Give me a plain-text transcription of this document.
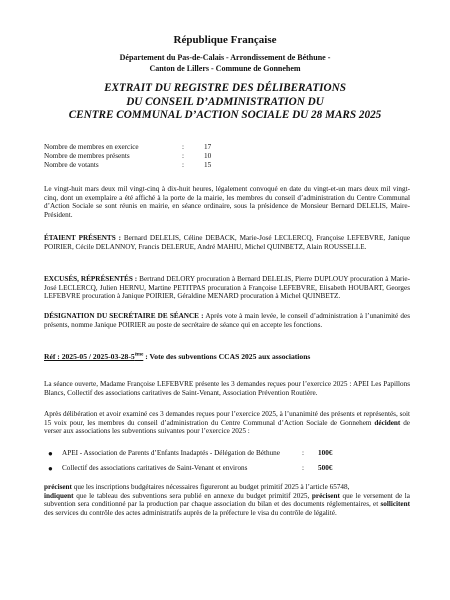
République Française
Département du Pas-de-Calais - Arrondissement de Béthune -
Canton de Lillers - Commune de Gonnehem
EXTRAIT DU REGISTRE DES DÉLIBERATIONS
DU CONSEIL D’ADMINISTRATION DU
CENTRE COMMUNAL D’ACTION SOCIALE DU 28 MARS 2025
Nombre de membres en exercice	:	17
Nombre de membres présents	:	10
Nombre de votants	:	15

Le vingt-huit mars deux mil vingt-cinq à dix-huit heures, légalement convoqué en date du vingt-et-un mars deux mil vingt-cinq, dont un exemplaire a été affiché à la porte de la mairie, les membres du conseil d’administration du Centre Communal d’Action Sociale se sont réunis en mairie, en séance ordinaire, sous la présidence de Monsieur Bernard DELELIS, Maire-Président.

ÉTAIENT PRÉSENTS : Bernard DELELIS, Céline DEBACK, Marie-José LECLERCQ, Françoise LEFEBVRE, Janique POIRIER, Cécile DELANNOY, Francis DELERUE, André MAHIU, Michel QUINBETZ, Alain ROUSSELLE.

EXCUSÉS, RÉPRÉSENTÉS : Bertrand DELORY procuration à Bernard DELELIS, Pierre DUPLOUY procuration à Marie-José LECLERCQ, Julien HERNU, Martine PETITPAS procuration à Françoise LEFEBVRE, Elisabeth HOUBART, Georges LEFEBVRE procuration à Janique POIRIER, Géraldine MENARD procuration à Michel QUINBETZ.

DÉSIGNATION DU SECRÉTAIRE DE SÉANCE : Après vote à main levée, le conseil d’administration à l’unanimité des présents, nomme Janique POIRIER au poste de secrétaire de séance qui en accepte les fonctions.

Réf : 2025-05 / 2025-03-28-5ème : Vote des subventions CCAS 2025 aux associations

La séance ouverte, Madame Françoise LEFEBVRE présente les 3 demandes reçues pour l’exercice 2025 : APEI Les Papillons Blancs, Collectif des associations caritatives de Saint-Venant, Association Prévention Routière.

Après délibération et avoir examiné ces 3 demandes reçues pour l’exercice 2025, à l’unanimité des présents et représentés, soit 15 voix pour, les membres du conseil d’administration du Centre Communal d’Action Sociale de Gonnehem décident de verser aux associations les subventions suivantes pour l’exercice 2025 :

●	APEI - Association de Parents d’Enfants Inadaptés - Délégation de Béthune	:	100€
●	Collectif des associations caritatives de Saint-Venant et environs	:	500€

précisent que les inscriptions budgétaires nécessaires figureront au budget primitif 2025 à l’article 65748,
indiquent que le tableau des subventions sera publié en annexe du budget primitif 2025, précisent que le versement de la subvention sera conditionné par la production par chaque association du bilan et des documents réglementaires, et sollicitent des services du contrôle des actes administratifs auprès de la préfecture le visa du contrôle de légalité.
